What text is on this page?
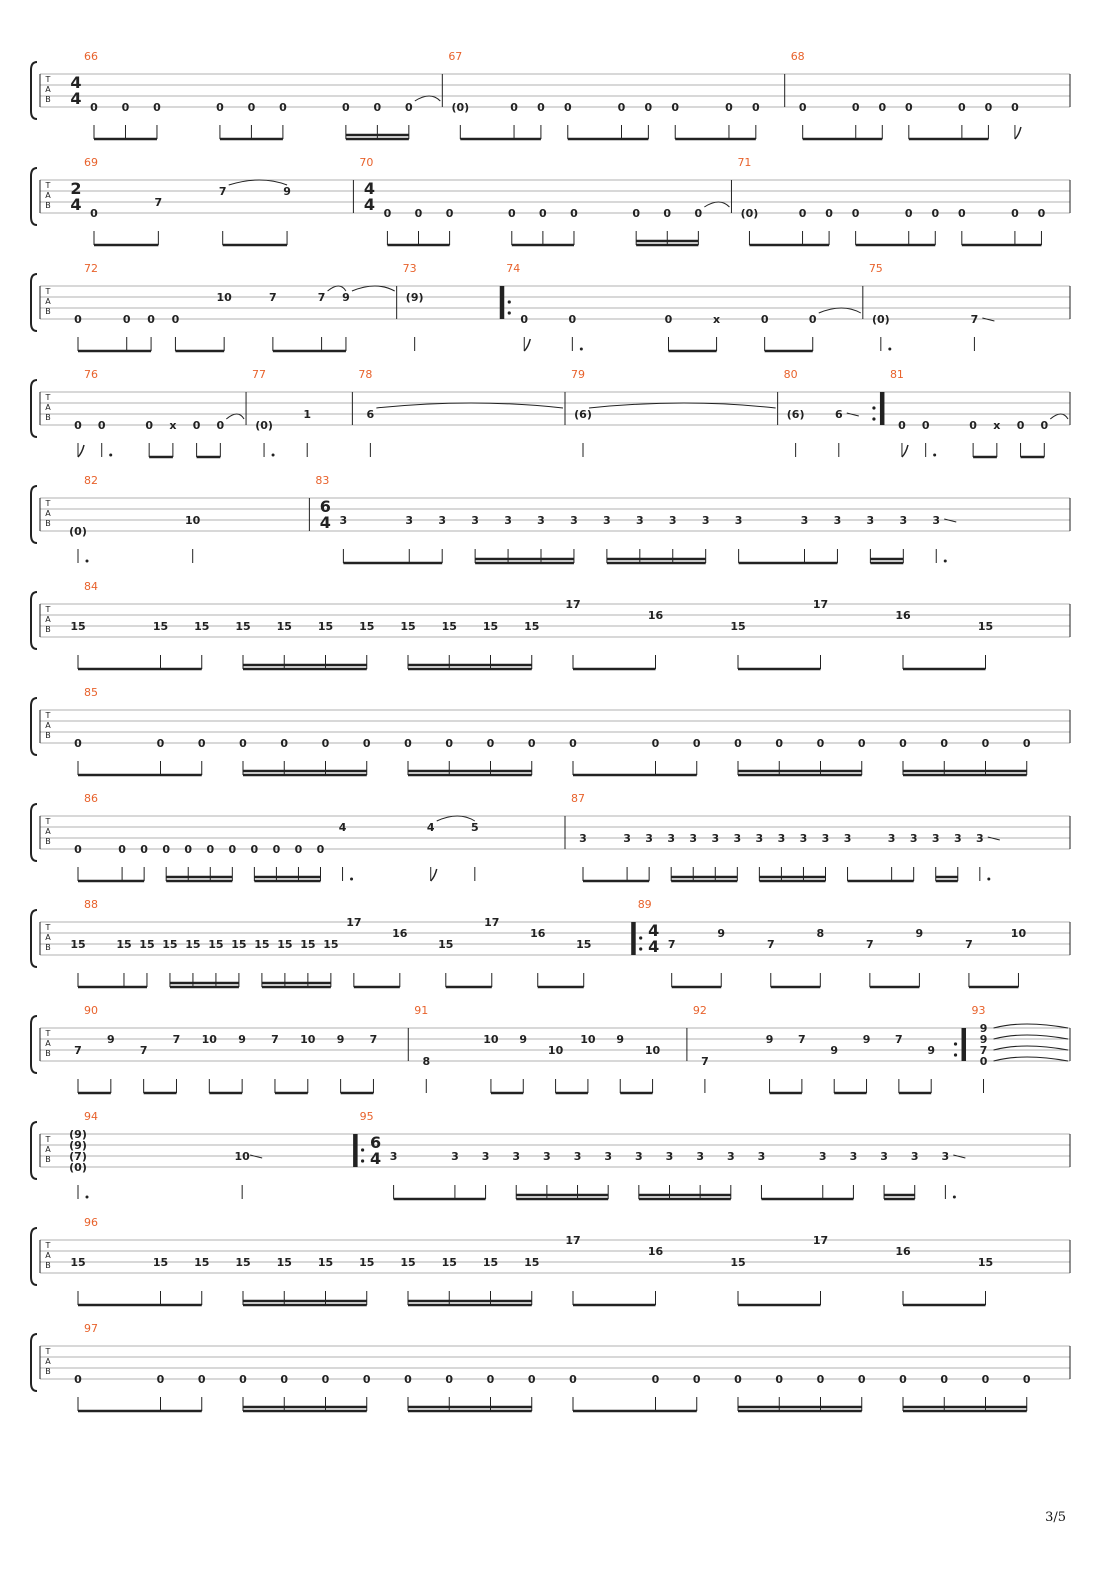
T
A
B
66
4
4 0 0 0	0 0 0	0 0 0
67
(0)	0 0 0	0 0 0	0 0
68
0	0 0 0	0 0 0
T
A
B
69
2
4 0
7
7	9
70
4
4 0 0 0	0 0 0	0 0 0
71
(0)	0 0 0	0 0 0	0 0
T
A
B
72
0	0 0 0
10	7	7 9
73
(9)
74
0	0	0	x	0	0
75
(0)	7
T
A
B
76
0 0	0 x 0 0
77
(0)
1
78
6
79
(6)
80
(6)	6
81
0 0	0 x 0 0
T
A
B
82
(0)
10
83
6
4 3	3 3 3 3 3 3 3 3 3 3 3	3 3 3 3 3
T
A
B
84
15	15 15 15 15 15 15 15 15 15 15
17
16
15
17
16
15
T
A
B
85
0	0	0	0	0	0	0	0	0	0	0	0	0	0	0	0	0	0	0	0	0	0
T
A
B
86
0	0 0 0 0 0 0 0 0 0 0
4	4	5
87
3	3 3 3 3 3 3 3 3 3 3 3	3 3 3 3 3
T
A
B
88
15	15 15 15 15 15 15 15 15 15 15
17
16
15
17
16
15
89
4
4 7
9
7
8
7
9
7
10
T
A
B
90
7
9
7
7 10 9 7 10 9 7
91
8
10 9
10
10 9
10
92
7
9 7
9
9 7
9
93
9
9
7
0
T
A
B
94
(9)
(9)
(7)
(0)
10
95
6
4 3	3 3 3 3 3 3 3 3 3 3 3	3 3 3 3 3
T
A
B
96
15	15 15 15 15 15 15 15 15 15 15
17
16
15
17
16
15
T
A
B
97
0	0	0	0	0	0	0	0	0	0	0	0	0	0	0	0	0	0	0	0	0	0
3/5
